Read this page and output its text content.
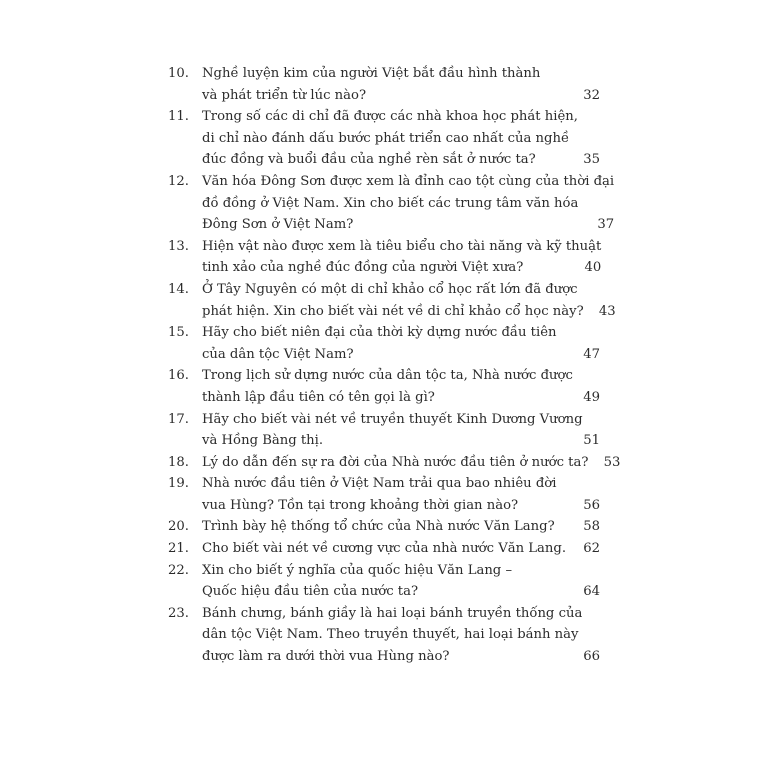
10. Nghề luyện kim của người Việt bắt đầu hình thành
và phát triển từ lúc nào?	32
11. Trong số các di chỉ đã được các nhà khoa học phát hiện,
di chỉ nào đánh dấu bước phát triển cao nhất của nghề
đúc đồng và buổi đầu của nghề rèn sắt ở nước ta?	35
12. Văn hóa Đông Sơn được xem là đỉnh cao tột cùng của thời đại
đồ đồng ở Việt Nam. Xin cho biết các trung tâm văn hóa
Đông Sơn ở Việt Nam?	37
13. Hiện vật nào được xem là tiêu biểu cho tài năng và kỹ thuật
tinh xảo của nghề đúc đồng của người Việt xưa?	40
14. Ở Tây Nguyên có một di chỉ khảo cổ học rất lớn đã được
phát hiện. Xin cho biết vài nét về di chỉ khảo cổ học này?	43
15. Hãy cho biết niên đại của thời kỳ dựng nước đầu tiên
của dân tộc Việt Nam?	47
16. Trong lịch sử dựng nước của dân tộc ta, Nhà nước được
thành lập đầu tiên có tên gọi là gì?	49
17. Hãy cho biết vài nét về truyền thuyết Kinh Dương Vương
và Hồng Bàng thị.	51
18. Lý do dẫn đến sự ra đời của Nhà nước đầu tiên ở nước ta?	53
19. Nhà nước đầu tiên ở Việt Nam trải qua bao nhiêu đời
vua Hùng? Tồn tại trong khoảng thời gian nào?	56
20. Trình bày hệ thống tổ chức của Nhà nước Văn Lang?	58
21. Cho biết vài nét về cương vực của nhà nước Văn Lang.	62
22. Xin cho biết ý nghĩa của quốc hiệu Văn Lang –
Quốc hiệu đầu tiên của nước ta?	64
23. Bánh chưng, bánh giầy là hai loại bánh truyền thống của
dân tộc Việt Nam. Theo truyền thuyết, hai loại bánh này
được làm ra dưới thời vua Hùng nào?	66
